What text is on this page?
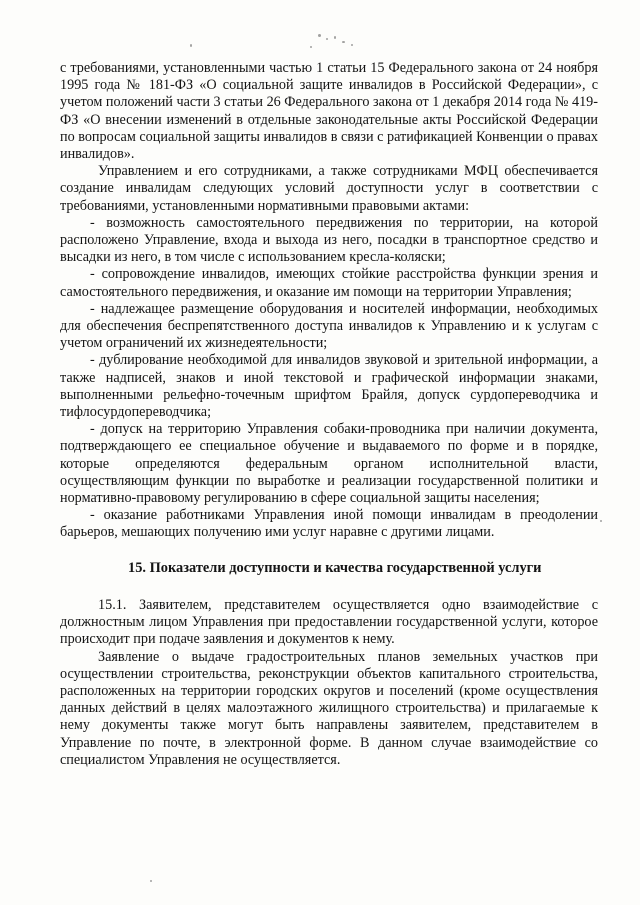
с требованиями, установленными частью 1 статьи 15 Федерального закона от 24 ноября 1995 года № 181-ФЗ «О социальной защите инвалидов в Российской Федерации», с учетом положений части 3 статьи 26 Федерального закона от 1 декабря 2014 года № 419-ФЗ «О внесении изменений в отдельные законодательные акты Российской Федерации по вопросам социальной защиты инвалидов в связи с ратификацией Конвенции о правах инвалидов».

Управлением и его сотрудниками, а также сотрудниками МФЦ обеспечивается создание инвалидам следующих условий доступности услуг в соответствии с требованиями, установленными нормативными правовыми актами:

- возможность самостоятельного передвижения по территории, на которой расположено Управление, входа и выхода из него, посадки в транспортное средство и высадки из него, в том числе с использованием кресла-коляски;

- сопровождение инвалидов, имеющих стойкие расстройства функции зрения и самостоятельного передвижения, и оказание им помощи на территории Управления;

- надлежащее размещение оборудования и носителей информации, необходимых для обеспечения беспрепятственного доступа инвалидов к Управлению и к услугам с учетом ограничений их жизнедеятельности;

- дублирование необходимой для инвалидов звуковой и зрительной информации, а также надписей, знаков и иной текстовой и графической информации знаками, выполненными рельефно-точечным шрифтом Брайля, допуск сурдопереводчика и тифлосурдопереводчика;

- допуск на территорию Управления собаки-проводника при наличии документа, подтверждающего ее специальное обучение и выдаваемого по форме и в порядке, которые определяются федеральным органом исполнительной власти, осуществляющим функции по выработке и реализации государственной политики и нормативно-правовому регулированию в сфере социальной защиты населения;

- оказание работниками Управления иной помощи инвалидам в преодолении барьеров, мешающих получению ими услуг наравне с другими лицами.

15. Показатели доступности и качества государственной услуги

15.1. Заявителем, представителем осуществляется одно взаимодействие с должностным лицом Управления при предоставлении государственной услуги, которое происходит при подаче заявления и документов к нему.

Заявление о выдаче градостроительных планов земельных участков при осуществлении строительства, реконструкции объектов капитального строительства, расположенных на территории городских округов и поселений (кроме осуществления данных действий в целях малоэтажного жилищного строительства) и прилагаемые к нему документы также могут быть направлены заявителем, представителем в Управление по почте, в электронной форме. В данном случае взаимодействие со специалистом Управления не осуществляется.
